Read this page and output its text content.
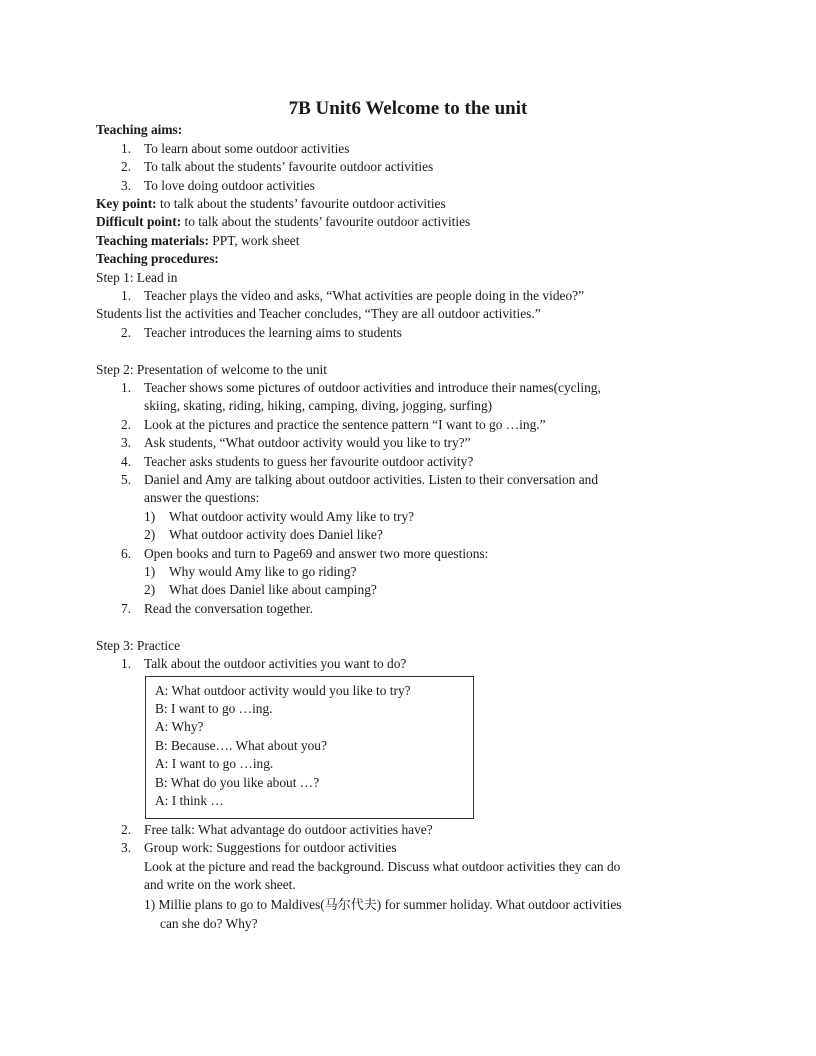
7B Unit6 Welcome to the unit
Teaching aims:
1. To learn about some outdoor activities
2. To talk about the students’ favourite outdoor activities
3. To love doing outdoor activities
Key point: to talk about the students’ favourite outdoor activities
Difficult point: to talk about the students’ favourite outdoor activities
Teaching materials: PPT, work sheet
Teaching procedures:
Step 1: Lead in
1. Teacher plays the video and asks, “What activities are people doing in the video?”
Students list the activities and Teacher concludes, “They are all outdoor activities.”
2. Teacher introduces the learning aims to students
Step 2: Presentation of welcome to the unit
1. Teacher shows some pictures of outdoor activities and introduce their names(cycling,
skiing, skating, riding, hiking, camping, diving, jogging, surfing)
2. Look at the pictures and practice the sentence pattern “I want to go …ing.”
3. Ask students, “What outdoor activity would you like to try?”
4. Teacher asks students to guess her favourite outdoor activity?
5. Daniel and Amy are talking about outdoor activities. Listen to their conversation and
answer the questions:
1) What outdoor activity would Amy like to try?
2) What outdoor activity does Daniel like?
6. Open books and turn to Page69 and answer two more questions:
1) Why would Amy like to go riding?
2) What does Daniel like about camping?
7. Read the conversation together.
Step 3: Practice
1. Talk about the outdoor activities you want to do?
A: What outdoor activity would you like to try?
B: I want to go …ing.
A: Why?
B: Because…. What about you?
A: I want to go …ing.
B: What do you like about …?
A: I think …
2. Free talk: What advantage do outdoor activities have?
3. Group work: Suggestions for outdoor activities
Look at the picture and read the background. Discuss what outdoor activities they can do
and write on the work sheet.
1) Millie plans to go to Maldives(马尔代夫) for summer holiday. What outdoor activities
can she do? Why?
